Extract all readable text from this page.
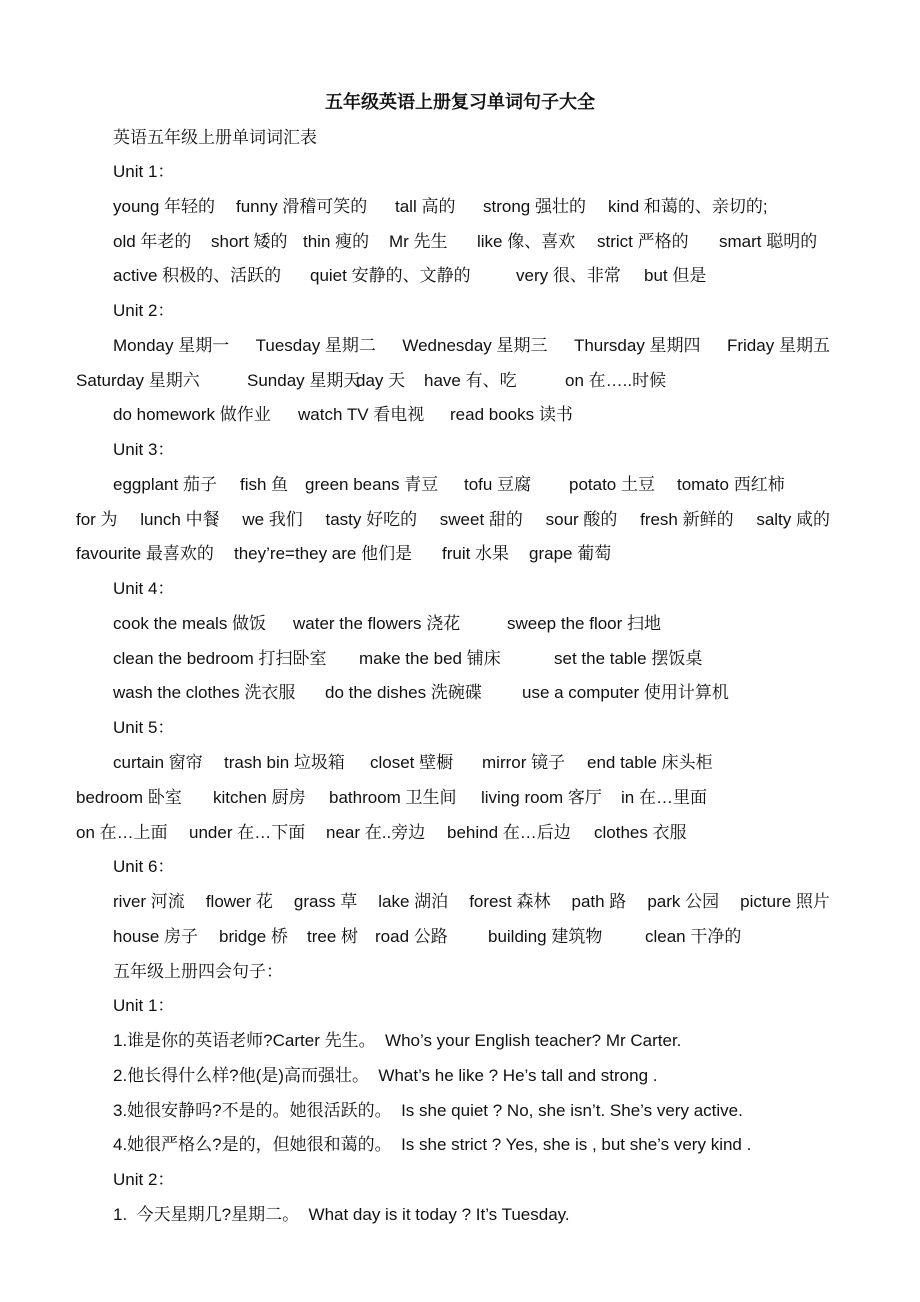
五年级英语上册复习单词句子大全
英语五年级上册单词词汇表
Unit 1：
young 年轻的 funny 滑稽可笑的 tall 高的 strong 强壮的 kind 和蔼的、亲切的;
old 年老的 short 矮的 thin 瘦的 Mr 先生 like 像、喜欢 strict 严格的 smart 聪明的
active 积极的、活跃的 quiet 安静的、文静的	very 很、非常 but 但是
Unit 2：
Monday 星期一 Tuesday 星期二 Wednesday 星期三 Thursday 星期四 Friday 星期五
Saturday 星期六	Sunday 星期天
day 天 have 有、吃	on 在…..时候
do homework 做作业 watch TV 看电视 read books 读书
Unit 3：
eggplant 茄子 fish 鱼 green beans 青豆 tofu 豆腐 potato 土豆 tomato 西红柿
for 为 lunch 中餐 we 我们 tasty 好吃的 sweet 甜的 sour 酸的 fresh 新鲜的 salty 咸的
favourite 最喜欢的 they’re=they are 他们是 fruit 水果 grape 葡萄
Unit 4：
cook the meals 做饭 water the flowers 浇花	sweep the floor 扫地
clean the bedroom 打扫卧室 make the bed 铺床	set the table 摆饭桌
wash the clothes 洗衣服 do the dishes 洗碗碟 use a computer 使用计算机
Unit 5：
curtain 窗帘 trash bin 垃圾箱 closet 壁橱 mirror 镜子 end table 床头柜
bedroom 卧室 kitchen 厨房 bathroom 卫生间 living room 客厅 in 在…里面
on 在…上面 under 在…下面 near 在..旁边 behind 在…后边 clothes 衣服
Unit 6：
river 河流 flower 花 grass 草 lake 湖泊 forest 森林 path 路 park 公园 picture 照片
house 房子 bridge 桥 tree 树 road 公路 building 建筑物	clean 干净的
五年级上册四会句子：
Unit 1：
1.谁是你的英语老师?Carter 先生。  Who’s your English teacher? Mr Carter.
2.他长得什么样?他(是)高而强壮。  What’s he like ? He’s tall and strong .
3.她很安静吗?不是的。她很活跃的。  Is she quiet ? No, she isn’t. She’s very active.
4.她很严格么?是的，但她很和蔼的。  Is she strict ? Yes, she is , but she’s very kind .
Unit 2：
1.  今天星期几?星期二。  What day is it today ? It’s Tuesday.
